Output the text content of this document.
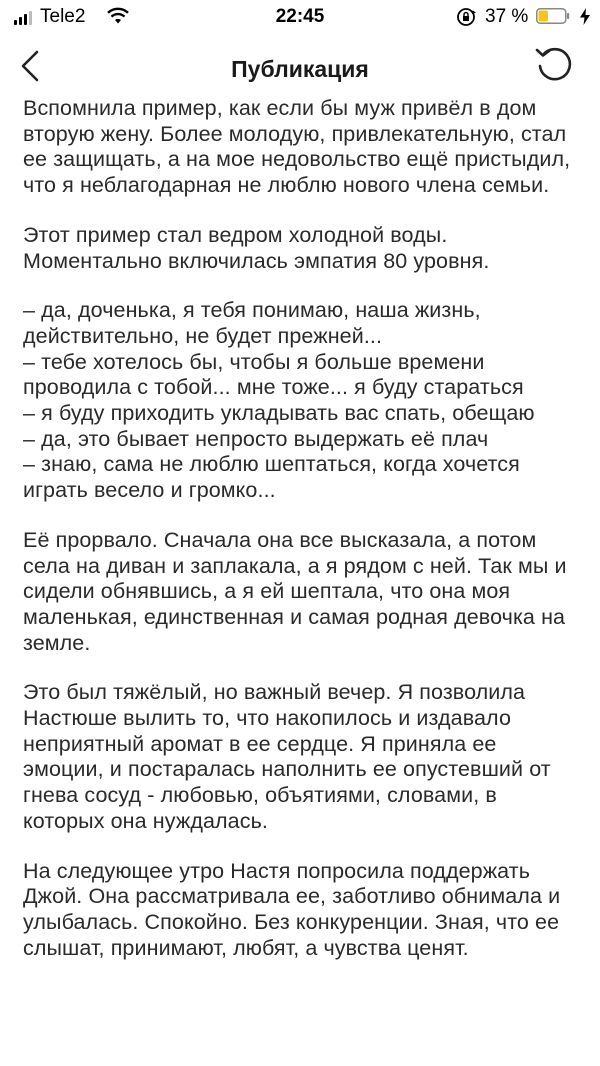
Tele2	22:45	37 %
Публикация

Вспомнила пример, как если бы муж привёл в дом вторую жену. Более молодую, привлекательную, стал ее защищать, а на мое недовольство ещё пристыдил, что я неблагодарная не люблю нового члена семьи.

Этот пример стал ведром холодной воды. Моментально включилась эмпатия 80 уровня.

– да, доченька, я тебя понимаю, наша жизнь, действительно, не будет прежней...
– тебе хотелось бы, чтобы я больше времени проводила с тобой... мне тоже... я буду стараться
– я буду приходить укладывать вас спать, обещаю
– да, это бывает непросто выдержать её плач
– знаю, сама не люблю шептаться, когда хочется играть весело и громко...

Её прорвало. Сначала она все высказала, а потом села на диван и заплакала, а я рядом с ней. Так мы и сидели обнявшись, а я ей шептала, что она моя маленькая, единственная и самая родная девочка на земле.

Это был тяжёлый, но важный вечер. Я позволила Настюше вылить то, что накопилось и издавало неприятный аромат в ее сердце. Я приняла ее эмоции, и постаралась наполнить ее опустевший от гнева сосуд - любовью, объятиями, словами, в которых она нуждалась.

На следующее утро Настя попросила поддержать Джой. Она рассматривала ее, заботливо обнимала и улыбалась. Спокойно. Без конкуренции. Зная, что ее слышат, принимают, любят, а чувства ценят.
